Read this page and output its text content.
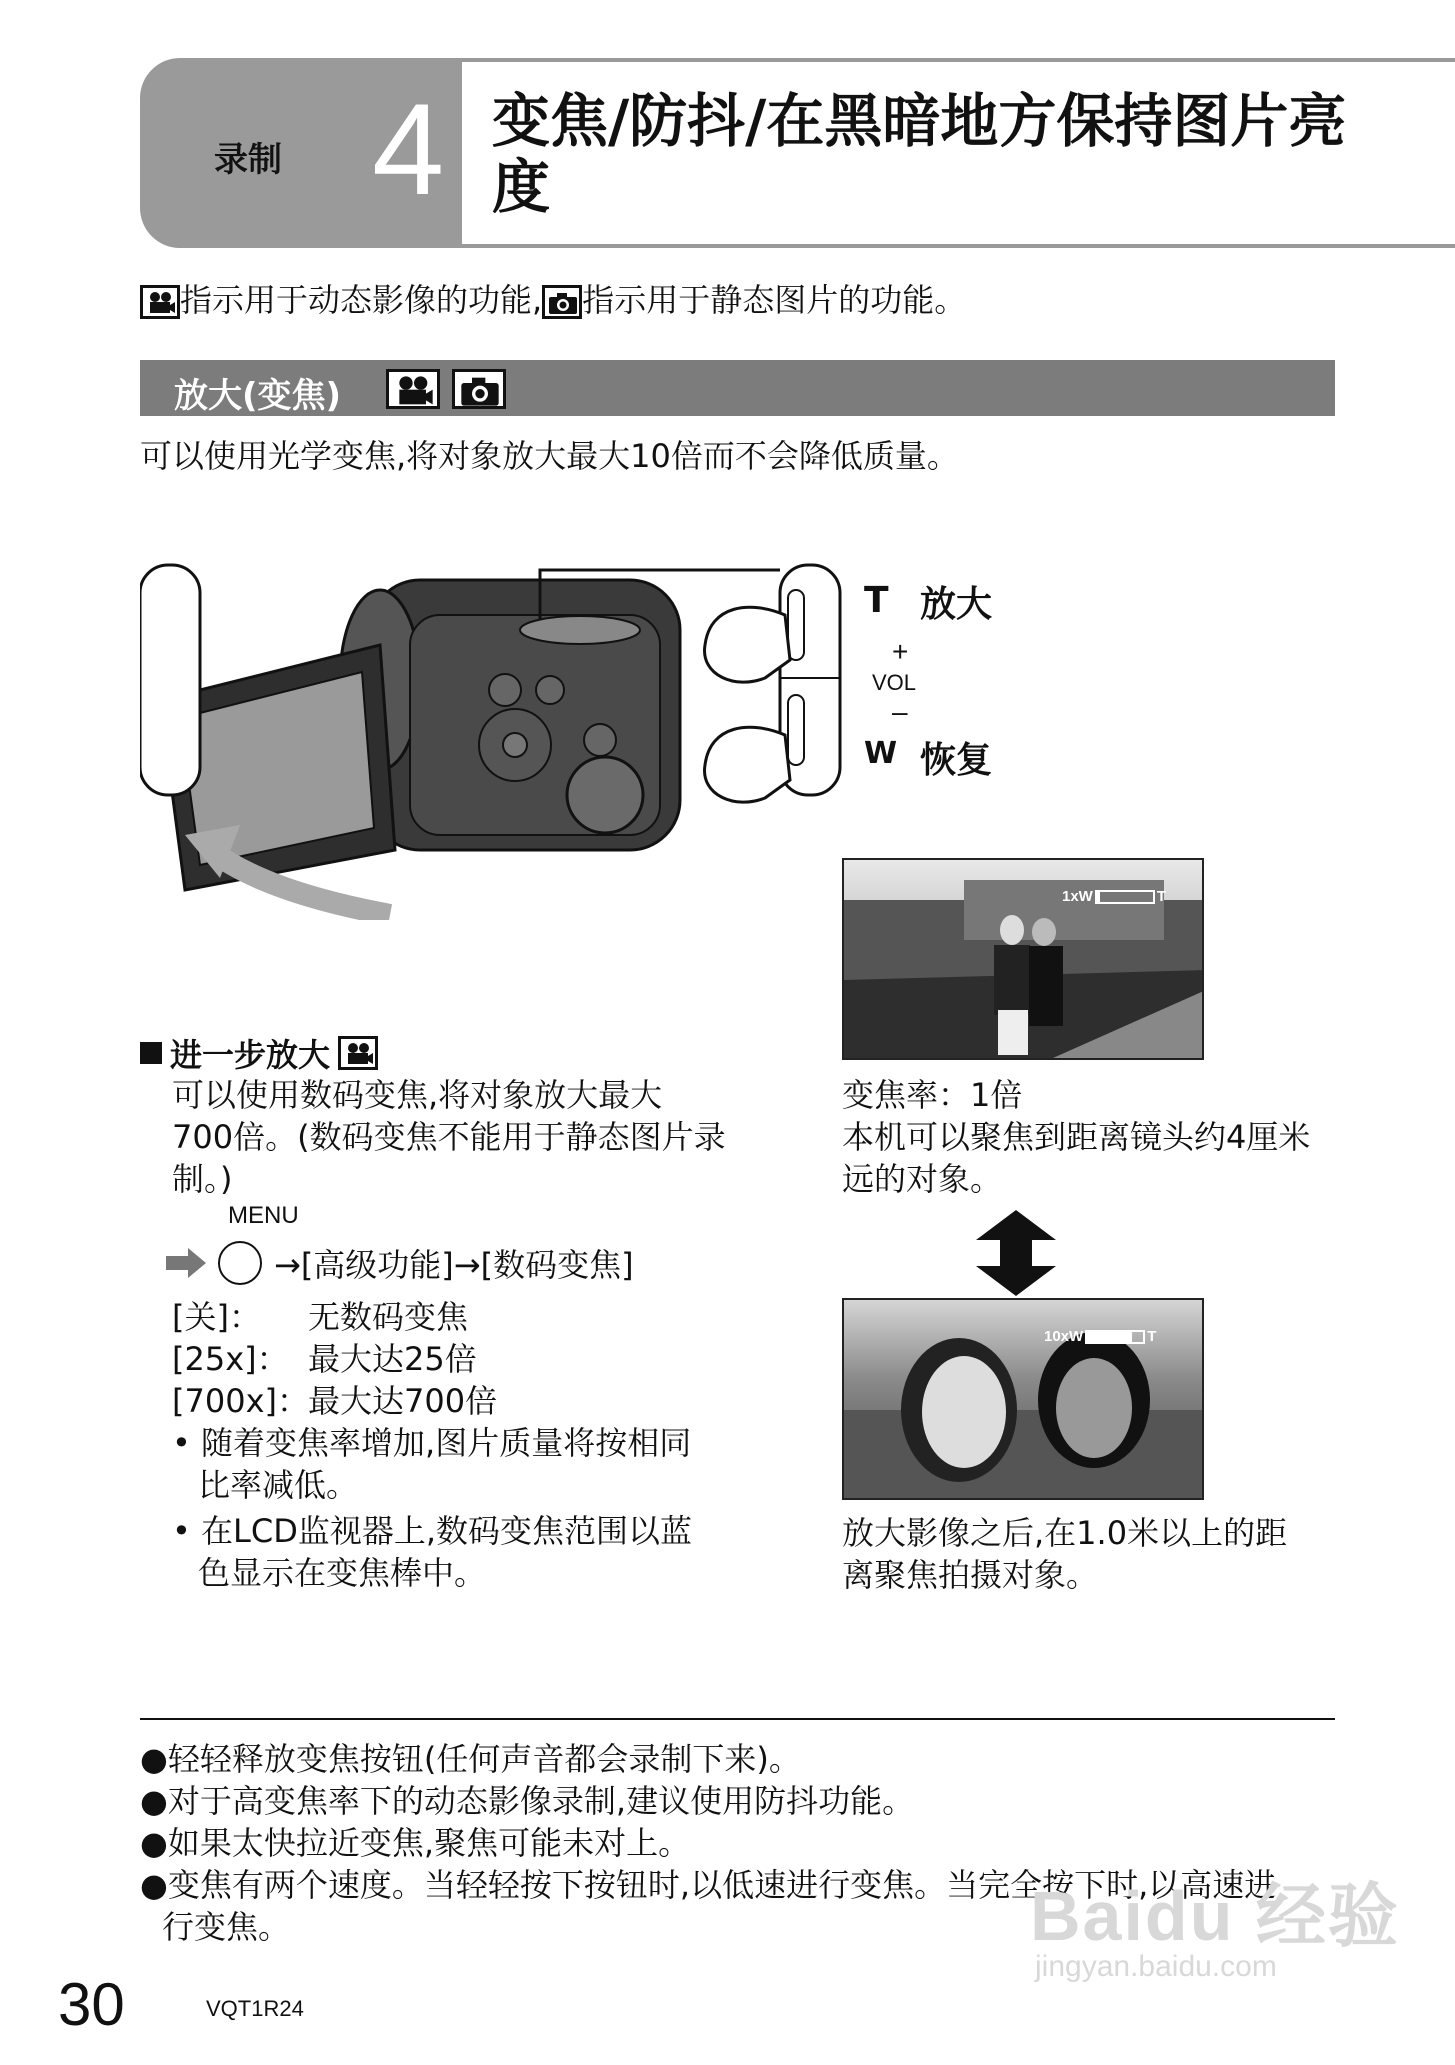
录制 4 变焦/防抖/在黑暗地方保持图片亮度
指示用于动态影像的功能, 指示用于静态图片的功能。
放大(变焦)
可以使用光学变焦,将对象放大最大10倍而不会降低质量。
T 放大
+
VOL
–
W 恢复
1xW	T
变焦率：1倍
本机可以聚焦到距离镜头约4厘米
远的对象。
10xW	T
放大影像之后,在1.0米以上的距
离聚焦拍摄对象。
进一步放大
可以使用数码变焦,将对象放大最大
700倍。(数码变焦不能用于静态图片录
制。)
MENU
→[高级功能]→[数码变焦]
[关]：	无数码变焦
[25x]： 最大达25倍
[700x]： 最大达700倍
• 随着变焦率增加,图片质量将按相同
比率减低。
• 在LCD监视器上,数码变焦范围以蓝
色显示在变焦棒中。
●轻轻释放变焦按钮(任何声音都会录制下来)。
●对于高变焦率下的动态影像录制,建议使用防抖功能。
●如果太快拉近变焦,聚焦可能未对上。
●变焦有两个速度。当轻轻按下按钮时,以低速进行变焦。当完全按下时,以高速进
行变焦。	Baidu 经验
jingyan.baidu.com
30	VQT1R24
